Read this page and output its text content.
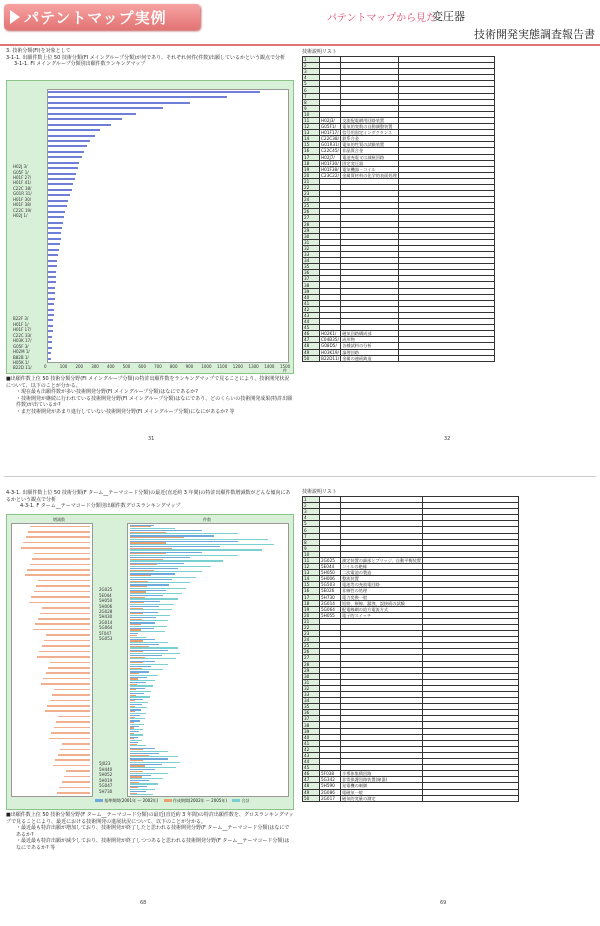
パテントマップ実例	パテントマップから見た
変圧器
技術開発実態調査報告書
3. 技術分類(FI)を対象として
3-1-1. 出願件数上位 50 技術分類(FI メイングループ分類)が何であり、それぞれ何件(件数)出願しているかという観点で分析
3-1-1. FI メイングループ分類別出願件数ランキングマップ
H02J 3/
G05F 1/
H01F 27/
H01F 41/
C22C 38/
G01R 31/
H01F 30/
H01F 38/
C22C 19/
H02J 1/
B22F 3/
H01F 1/
H01F 17/
C22C 33/
H03K 17/
G05F 3/
H02M 1/
B82B 1/
H05K 1/
B22D 11/	0	100 200 300 400 500 600 700 800 900 1000 1100 1200 1300 1400 1500
件
■出願件数上位 50 技術分類分野(FI メイングループ分類)の特許出願件数をランキングマップで見ることにより、技術開発状況について、以下のことが分かる。
・現在最も出願件数が多い技術開発分野(FI メイングループ分類)はなにであるか?
・技術開発が継続に行われている技術開発分野(FI メイングループ分類)はなにであり、どのくらいの技術開発成果(特許出願件数)が出ているか?
・まだ技術開発があまり進行していない技術開発分野(FI メイングループ分類)になにがあるか? 等
31	32
技術説明リスト
1			
2			
3			
4			
5			
6			
7			
8			
9			
10			
11	H02J3/	交流配電網用回路装置	
12	G05F1/	電気的変数の自動調整装置	
13	H01F17/	信号用固定インダクタンス	
14	C22C38/	鉄系合金	
15	G01R31/	電気的性質の試験装置	
16	C22C45/	非晶質合金	
17	H02J7/	電池充電又は減極回路	
18	H01F30/	固定変圧器	
19	H01F38/	電気機器・コイル	
20	C23C22/	金属質材料の化学的表面処理	
21			
22			
23			
24			
25			
26			
27			
28			
29			
30			
31			
32			
33			
34			
35			
36			
37			
38			
39			
40			
41			
42			
43			
44			
45			
46	H02K1/	磁気回路構成部	
47	C04B35/	成形物	
48	G08D5/	各種試料の分析	
49	H03K19/	論理回路	
50	B22D11/	金属の連続鋳造	
4-3-1. 出願件数上位 50 技術分類(F ターム__テーマコード分類)の最近(直近約 3 年間)の特許出願件数増減数がどんな傾向にあるかという観点で分析
4-3-1. F ターム__テーマコード分類別出願件数グロスランキングマップ
増減数	件数
2G025
5E044
5H050
5H006
2G028
5H430
2G014
5G064
5F047
5G053
5J023
5H440
5H052
5H019
5G047
5H730
基準期間(2001年 ～ 2002年)	作成期間(2002年 ～ 2005年)	合計
■出願件数上位 50 技術分類分野(F ターム__テーマコード分類)の最近(直近約 3 年間)の特許出願件数を、グロスランキングマップで見ることにより、最近における技術開発の進展状況について、以下のことが分かる。
・最近最も特許出願が増加しており、技術開発が終了したと思われる技術開発分野(F ターム__テーマコード分類)はなにであるか?
・最近最も特許出願が減少しており、技術開発が終了しつつあると思われる技術開発分野(F ターム__テーマコード分類)はなにであるか? 等
68	69
技術説明リスト
1			
2			
3			
4			
5			
6			
7			
8			
9			
10			
11	2G025	測定装置の細部とブリッジ、自動平衡装置	
12	5E044	コイルの絶縁	
13	5H050	二次電池の製造	
14	5H006	整流装置	
15	5G503	電池等の充放電回路	
16	5E026	非線性の処理	
17	5H730	電力変換一般	
18	2G014	短絡、断線、漏洩、誤接続の試験	
19	5G064	配電線網の給方電流方式	
20	5H055	電子的スイッチ	
21			
22			
23			
24			
25			
26			
27			
28			
29			
30			
31			
32			
33			
34			
35			
36			
37			
38			
39			
40			
41			
42			
43			
44			
45			
46	5F038	半導体集積回路	
47	5G342	非常保護回路装置(線器)	
48	5H590	発電機の制御	
49	2G086	電磁気一般	
50	2G017	磁気的変量の測定	
